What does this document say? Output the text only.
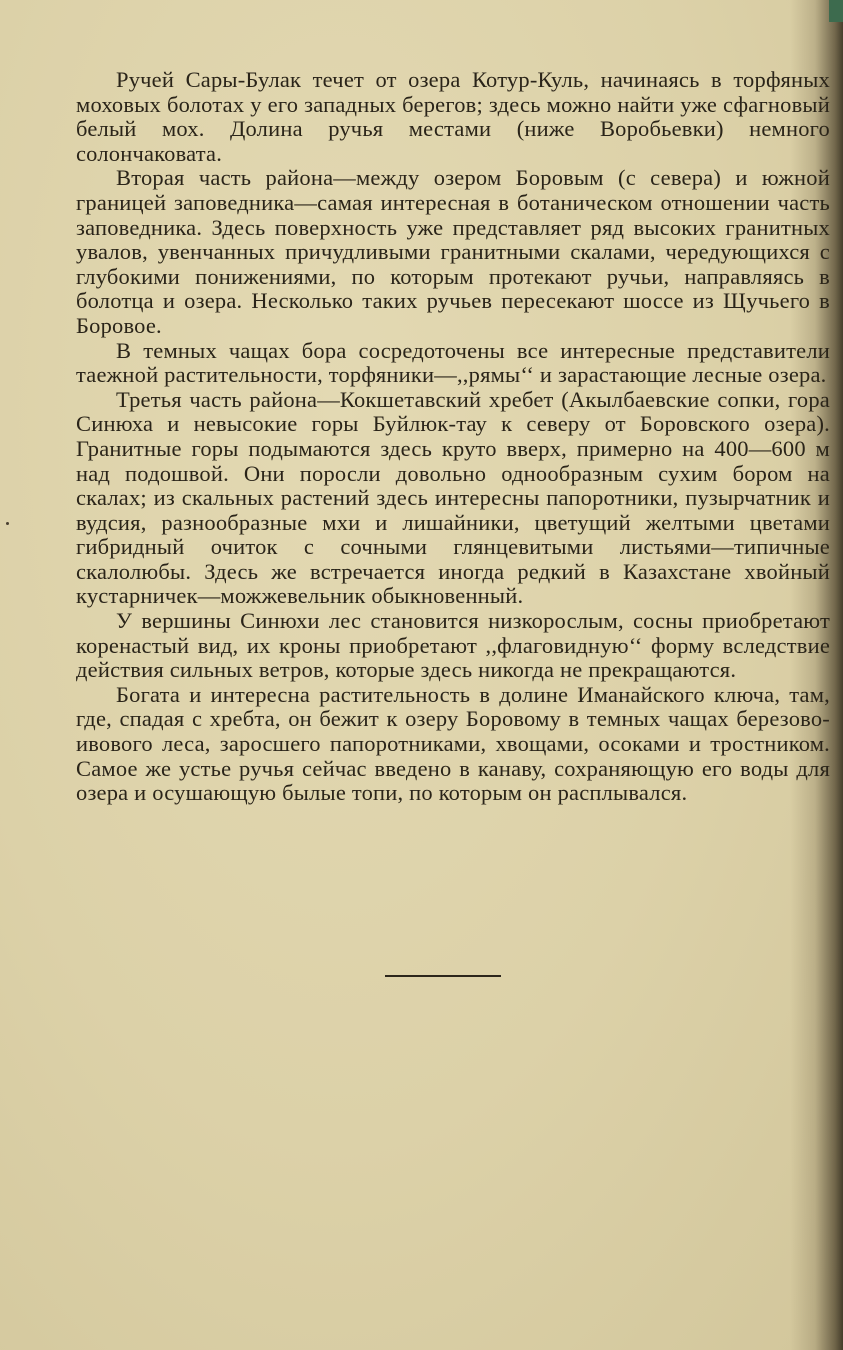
Ручей Сары-Булак течет от озера Котур-Куль, начинаясь в торфяных моховых болотах у его западных берегов; здесь можно найти уже сфагновый белый мох. Долина ручья местами (ниже Воробьевки) немного солончаковата.

Вторая часть района—между озером Боровым (с севера) и южной границей заповедника—самая интересная в ботаническом отношении часть заповедника. Здесь поверхность уже представляет ряд высоких гранитных увалов, увенчанных причудливыми гранитными скалами, чередующихся с глубокими понижениями, по которым протекают ручьи, направляясь в болотца и озера. Несколько таких ручьев пересекают шоссе из Щучьего в Боровое.

В темных чащах бора сосредоточены все интересные представители таежной растительности, торфяники—,,рямы‘‘ и зарастающие лесные озера.

Третья часть района—Кокшетавский хребет (Акылбаевские сопки, гора Синюха и невысокие горы Буйлюк-тау к северу от Боровского озера). Гранитные горы подымаются здесь круто вверх, примерно на 400—600 м над подошвой. Они поросли довольно однообразным сухим бором на скалах; из скальных растений здесь интересны папоротники, пузырчатник и вудсия, разнообразные мхи и лишайники, цветущий желтыми цветами гибридный очиток с сочными глянцевитыми листьями—типичные скалолюбы. Здесь же встречается иногда редкий в Казахстане хвойный кустарничек—можжевельник обыкновенный.

У вершины Синюхи лес становится низкорослым, сосны приобретают коренастый вид, их кроны приобретают ,,флаговидную‘‘ форму вследствие действия сильных ветров, которые здесь никогда не прекращаются.

Богата и интересна растительность в долине Иманайского ключа, там, где, спадая с хребта, он бежит к озеру Боровому в темных чащах березово-ивового леса, заросшего папоротниками, хвощами, осоками и тростником. Самое же устье ручья сейчас введено в канаву, сохраняющую его воды для озера и осушающую былые топи, по которым он расплывался.
